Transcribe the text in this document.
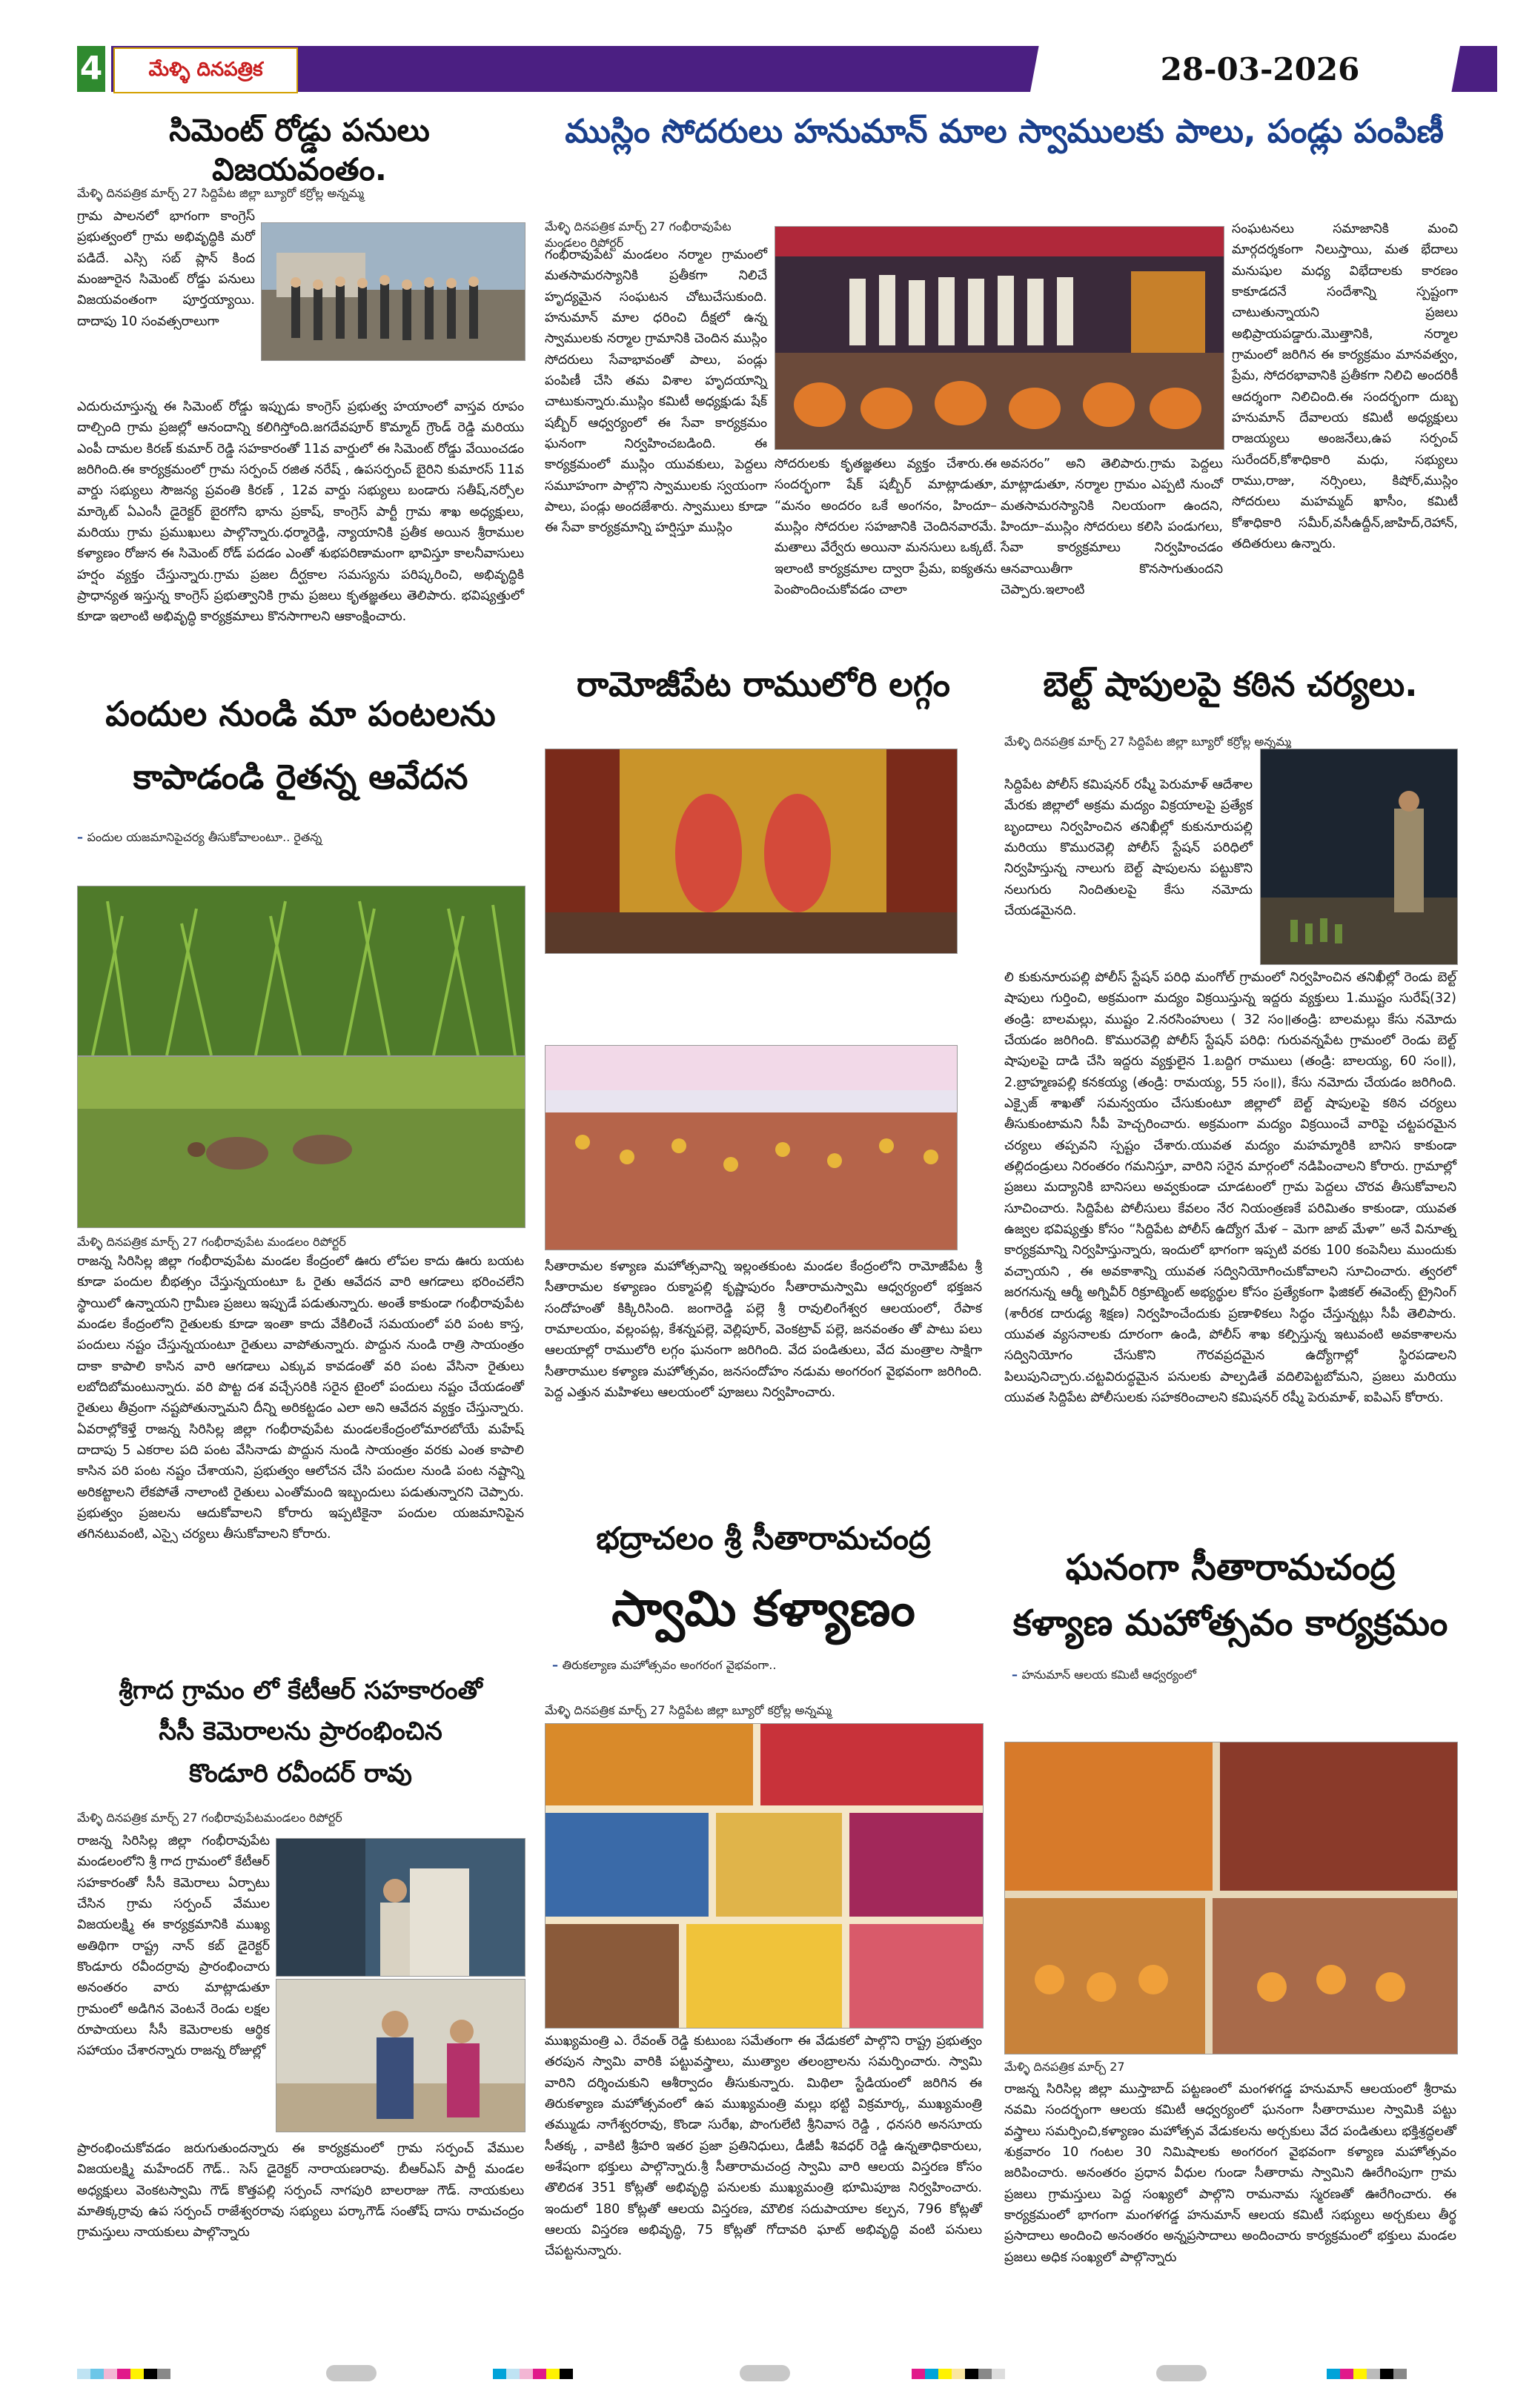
4	మేళ్ళి దినపత్రిక	28-03-2026
సిమెంట్ రోడ్డు పనులు విజయవంతం.

మేళ్ళి దినపత్రిక మార్చ్ 27 సిద్దిపేట జిల్లా బ్యూరో కర్రోల్ల అన్నమ్మ

గ్రామ పాలనలో భాగంగా కాంగ్రెస్ ప్రభుత్వంలో గ్రామ అభివృద్ధికి మరో పడిదే. ఎస్సి సబ్ ప్లాన్ కింద మంజూరైన సిమెంట్ రోడ్డు పనులు విజయవంతంగా పూర్తయ్యాయి. దాదాపు 10 సంవత్సరాలుగా

ఎదురుచూస్తున్న ఈ సిమెంట్ రోడ్డు ఇప్పుడు కాంగ్రెస్ ప్రభుత్వ హయాంలో వాస్తవ రూపం దాల్చింది గ్రామ ప్రజల్లో ఆనందాన్ని కలిగిస్తోంది.జగదేవపూర్ కొమ్మాద్ గ్రౌండ్ రెడ్డి మరియు ఎంపీ దామల కిరణ్ కుమార్ రెడ్డి సహకారంతో 11వ వార్డులో ఈ సిమెంట్ రోడ్డు వేయించడం జరిగింది.ఈ కార్యక్రమంలో గ్రామ సర్పంచ్ రజిత నరేష్ , ఉపసర్పంచ్ బైరిని కుమారస్ 11వ వార్డు సభ్యులు సౌజన్య ప్రవంతి కిరణ్ , 12వ వార్డు సభ్యులు బండారు సతీష్,నర్సోల మార్కెట్ ఏఎంసీ డైరెక్టర్ బైరగోని భాను ప్రకాష్, కాంగ్రెస్ పార్టీ గ్రామ శాఖ అధ్యక్షులు, మరియు గ్రామ ప్రముఖులు పాల్గొన్నారు.ధర్మారెడ్డి, న్యాయానికి ప్రతీక అయిన శ్రీరాముల కళ్యాణం రోజున ఈ సిమెంట్ రోడ్ పదడం ఎంతో శుభపరిణామంగా భావిస్తూ కాలనీవాసులు హర్షం వ్యక్తం చేస్తున్నారు.గ్రామ ప్రజల దీర్ఘకాల సమస్యను పరిష్కరించి, అభివృద్ధికి ప్రాధాన్యత ఇస్తున్న కాంగ్రెస్ ప్రభుత్వానికి గ్రామ ప్రజలు కృతజ్ఞతలు తెలిపారు. భవిష్యత్తులో కూడా ఇలాంటి అభివృద్ధి కార్యక్రమాలు కొనసాగాలని ఆకాంక్షించారు.

ముస్లిం సోదరులు హనుమాన్ మాల స్వాములకు పాలు, పండ్లు పంపిణీ

మేళ్ళి దినపత్రిక మార్చ్ 27 గంభీరావుపేట మండలం రిపోర్టర్

గంభీరావుపేట మండలం నర్మాల గ్రామంలో మతసామరస్యానికి ప్రతీకగా నిలిచే హృద్యమైన సంఘటన చోటుచేసుకుంది. హనుమాన్ మాల ధరించి దీక్షలో ఉన్న స్వాములకు నర్మాల గ్రామానికి చెందిన ముస్లిం సోదరులు సేవాభావంతో పాలు, పండ్లు పంపిణీ చేసి తమ విశాల హృదయాన్ని చాటుకున్నారు.ముస్లిం కమిటీ అధ్యక్షుడు షేక్ షబ్బీర్ ఆధ్వర్యంలో ఈ సేవా కార్యక్రమం ఘనంగా నిర్వహించబడింది. ఈ కార్యక్రమంలో ముస్లిం యువకులు, పెద్దలు సమూహంగా పాల్గొని స్వాములకు స్వయంగా పాలు, పండ్లు అందజేశారు. స్వాములు కూడా ఈ సేవా కార్యక్రమాన్ని హర్షిస్తూ ముస్లిం

సోదరులకు కృతజ్ఞతలు వ్యక్తం చేశారు.ఈ సందర్భంగా షేక్ షబ్బీర్ మాట్లాడుతూ, “మనం అందరం ఒకే అంగనం, హిందూ–ముస్లిం సోదరుల సహజానికి చెందినవారమే. మతాలు వేర్వేరు అయినా మనసులు ఒక్కటే. ఇలాంటి కార్యక్రమాల ద్వారా ప్రేమ, ఐక్యతను పెంపొందించుకోవడం చాలా

అవసరం” అని తెలిపారు.గ్రామ పెద్దలు మాట్లాడుతూ, నర్మాల గ్రామం ఎప్పటి నుంచో మతసామరస్యానికి నిలయంగా ఉందని, హిందూ–ముస్లిం సోదరులు కలిసి పండుగలు, సేవా కార్యక్రమాలు నిర్వహించడం ఆనవాయితీగా కొనసాగుతుందని చెప్పారు.ఇలాంటి

సంఘటనలు సమాజానికి మంచి మార్గదర్శకంగా నిలుస్తాయి, మత భేదాలు మనుషుల మధ్య విభేదాలకు కారణం కాకూడదనే సందేశాన్ని స్పష్టంగా చాటుతున్నాయని ప్రజలు అభిప్రాయపడ్డారు.మొత్తానికి, నర్మాల గ్రామంలో జరిగిన ఈ కార్యక్రమం మానవత్వం, ప్రేమ, సోదరభావానికి ప్రతీకగా నిలిచి అందరికీ ఆదర్శంగా నిలిచింది.ఈ సందర్భంగా దుబ్బ హనుమాన్ దేవాలయ కమిటీ అధ్యక్షులు రాజయ్యలు అంజనేలు,ఉప సర్పంచ్ సురేందర్,కోశాధికారి మధు, సభ్యులు రాము,రాజు, నర్సింలు, కిషోర్,ముస్లిం సోదరులు మహమ్మద్ ఖాసీం, కమిటీ కోశాధికారి సమీర్,వసీఉద్దీన్,జాహిద్,రెహాన్, తదితరులు ఉన్నారు.

పందుల నుండి మా పంటలను
కాపాడండి రైతన్న ఆవేదన

– పందుల యజమానిపైచర్య తీసుకోవాలంటూ.. రైతన్న

మేళ్ళి దినపత్రిక మార్చ్ 27 గంభీరావుపేట మండలం రిపోర్టర్

రాజన్న సిరిసిల్ల జిల్లా గంభీరావుపేట మండల కేంద్రంలో ఊరు లోపల కాదు ఊరు బయట కూడా పందుల బీభత్సం చేస్తున్నయంటూ ఓ రైతు ఆవేదన వారి ఆగడాలు భరించలేని స్థాయిలో ఉన్నాయని గ్రామీణ ప్రజలు ఇప్పుడే పడుతున్నారు. అంతే కాకుండా గంభీరావుపేట మండల కేంద్రంలోని రైతులకు కూడా ఇంతా కాదు వేకిలించే సమయంలో పరి పంట కాస్త, పందులు నష్టం చేస్తున్నయంటూ రైతులు వాపోతున్నారు. పొద్దున నుండి రాత్రి సాయంత్రం దాకా కాపాలి కాసిన వారి ఆగడాలు ఎక్కువ కావడంతో వరి పంట వేసినా రైతులు లబోదిబోమంటున్నారు. వరి పొట్ట దశ వచ్చేసరికి సరైన టైంలో పందులు నష్టం చేయడంతో రైతులు తీవ్రంగా నష్టపోతున్నామని దీన్ని అరికట్టడం ఎలా అని ఆవేదన వ్యక్తం చేస్తున్నారు. ఏవరాల్లోకెళ్తే రాజన్న సిరిసిల్ల జిల్లా గంభీరావుపేట మండలకేంద్రంలోమారబోయే మహేష్ దాదాపు 5 ఎకరాల పది పంట వేసినాడు పొద్దున నుండి సాయంత్రం వరకు ఎంత కాపాలి కాసిన పరి పంట నష్టం చేశాయని, ప్రభుత్వం ఆలోచన చేసి పందుల నుండి పంట నష్టాన్ని అరికట్టాలని లేకపోతే నాలాంటి రైతులు ఎంతోమంది ఇబ్బందులు పడుతున్నారని చెప్పారు. ప్రభుత్వం ప్రజలను ఆదుకోవాలని కోరారు ఇప్పటికైనా పందుల యజమానిపైన తగినటువంటి, ఎస్సై చర్యలు తీసుకోవాలని కోరారు.

శ్రీగాద గ్రామం లో కేటీఆర్ సహకారంతో
సీసీ కెమెరాలను ప్రారంభించిన
కొండూరి రవీందర్ రావు

మేళ్ళి దినపత్రిక మార్చ్ 27 గంభీరావుపేటమండలం రిపోర్టర్

రాజన్న సిరిసిల్ల జిల్లా గంభీరావుపేట మండలంలోని శ్రీ గాద గ్రామంలో కేటీఆర్ సహకారంతో సీసీ కెమెరాలు ఏర్పాటు చేసిన గ్రామ సర్పంచ్ వేముల విజయలక్ష్మి ఈ కార్యక్రమానికి ముఖ్య అతిథిగా రాష్ట్ర నాన్ కబ్ డైరెక్టర్ కొండూరు రవీందర్రావు ప్రారంభించారు అనంతరం వారు మాట్లాడుతూ గ్రామంలో అడిగిన వెంటనే రెండు లక్షల రూపాయలు సీసీ కెమెరాలకు ఆర్థిక సహాయం చేశారన్నారు రాజన్న రోజుల్లో

ప్రారంభించుకోవడం జరుగుతుందన్నారు ఈ కార్యక్రమంలో గ్రామ సర్పంచ్ వేముల విజయలక్ష్మి మహేందర్ గౌడ్.. సెస్ డైరెక్టర్ నారాయణరావు. బీఆర్ఎస్ పార్టీ మండల అధ్యక్షులు వెంకటస్వామి గౌడ్ కొత్తపల్లి సర్పంచ్ నాగపురి బాలరాజు గౌడ్. నాయకులు మాతిక్కర్రావు ఉప సర్పంచ్ రాజేశ్వరరావు సభ్యులు పర్కాగౌడ్ సంతోష్ దాసు రామచంద్రం గ్రామస్తులు నాయకులు పాల్గొన్నారు

రామోజీపేట రాములోరి లగ్గం

సీతారామల కళ్యాణ మహోత్సవాన్ని ఇల్లంతకుంట మండల కేంద్రంలోని రామోజీపేట శ్రీ సీతారామల కళ్యాణం రుక్మాపల్లి కృష్ణాపురం సీతారామస్వామి ఆధ్వర్యంలో భక్తజన సందోహంతో కిక్కిరిసింది. జంగారెడ్డి పల్లె శ్రీ రావులింగేశ్వర ఆలయంలో, రేపాక రామాలయం, వల్లంపట్ల, కేశన్నపల్లె, వెల్లిపూర్, వెంకట్రావ్ పల్లె, జనవంతం తో పాటు పలు ఆలయాల్లో రాములోరి లగ్గం ఘనంగా జరిగింది. వేద పండితులు, వేద మంత్రాల సాక్షిగా సీతారాముల కళ్యాణ మహోత్సవం, జనసందోహం నడుమ అంగరంగ వైభవంగా జరిగింది. పెద్ద ఎత్తున మహిళలు ఆలయంలో పూజలు నిర్వహించారు.

భద్రాచలం శ్రీ సీతారామచంద్ర
స్వామి కళ్యాణం

– తిరుకల్యాణ మహోత్సవం అంగరంగ వైభవంగా..

మేళ్ళి దినపత్రిక మార్చ్ 27 సిద్దిపేట జిల్లా బ్యూరో కర్రోల్ల అన్నమ్మ

ముఖ్యమంత్రి ఎ. రేవంత్ రెడ్డి కుటుంబ సమేతంగా ఈ వేడుకలో పాల్గొని రాష్ట్ర ప్రభుత్వం తరపున స్వామి వారికి పట్టువస్త్రాలు, ముత్యాల తలంబ్రాలను సమర్పించారు. స్వామి వారిని దర్శించుకుని ఆశీర్వాదం తీసుకున్నారు. మిథిలా స్టేడియంలో జరిగిన ఈ తిరుకళ్యాణ మహోత్సవంలో ఉప ముఖ్యమంత్రి మల్లు భట్టి విక్రమార్క, ముఖ్యమంత్రి తమ్ముడు నాగేశ్వరరావు, కొండా సురేఖ, పొంగులేటి శ్రీనివాస రెడ్డి , ధనసరి అనసూయ సీతక్క , వాకిటి శ్రీహరి ఇతర ప్రజా ప్రతినిధులు, డీజీపీ శివధర్ రెడ్డి ఉన్నతాధికారులు, అశేషంగా భక్తులు పాల్గొన్నారు.శ్రీ సీతారామచంద్ర స్వామి వారి ఆలయ విస్తరణ కోసం తొలిదశ 351 కోట్లతో అభివృద్ధి పనులకు ముఖ్యమంత్రి భూమిపూజ నిర్వహించారు. ఇందులో 180 కోట్లతో ఆలయ విస్తరణ, మౌలిక సదుపాయాల కల్పన, 796 కోట్లతో ఆలయ విస్తరణ అభివృద్ధి, 75 కోట్లతో గోదావరి ఘాట్ అభివృద్ధి వంటి పనులు చేపట్టనున్నారు.

బెల్ట్ షాపులపై కఠిన చర్యలు.

మేళ్ళి దినపత్రిక మార్చ్ 27 సిద్దిపేట జిల్లా బ్యూరో కర్రోల్ల అన్నమ్మ

సిద్దిపేట పోలీస్ కమిషనర్ రష్మీ పెరుమాళ్ ఆదేశాల మేరకు జిల్లాలో అక్రమ మద్యం విక్రయాలపై ప్రత్యేక బృందాలు నిర్వహించిన తనిఖీల్లో కుకునూరుపల్లి మరియు కొమురవెల్లి పోలీస్ స్టేషన్ పరిధిలో నిర్వహిస్తున్న నాలుగు బెల్ట్ షాపులను పట్టుకొని నలుగురు నిందితులపై కేసు నమోదు చేయడమైనది.

లి కుకునూరుపల్లి పోలీస్ స్టేషన్ పరిధి మంగోల్ గ్రామంలో నిర్వహించిన తనిఖీల్లో రెండు బెల్ట్ షాపులు గుర్తించి, అక్రమంగా మద్యం విక్రయిస్తున్న ఇద్దరు వ్యక్తులు 1.ముష్టం సురేష్(32) తండ్రి: బాలమల్లు, ముష్టం 2.నరసింహులు ( 32 సం॥తండ్రి: బాలమల్లు కేసు నమోదు చేయడం జరిగింది. కొమురవెల్లి పోలీస్ స్టేషన్ పరిధి: గురువన్నపేట గ్రామంలో రెండు బెల్ట్ షాపులపై దాడి చేసి ఇద్దరు వ్యక్తులైన 1.బద్దిగ రాములు (తండ్రి: బాలయ్య, 60 సం॥), 2.బ్రాహ్మణపల్లి కనకయ్య (తండ్రి: రామయ్య, 55 సం॥), కేసు నమోదు చేయడం జరిగింది. ఎక్సైజ్ శాఖతో సమన్వయం చేసుకుంటూ జిల్లాలో బెల్ట్ షాపులపై కఠిన చర్యలు తీసుకుంటామని సీపీ హెచ్చరించారు. అక్రమంగా మద్యం విక్రయించే వారిపై చట్టపరమైన చర్యలు తప్పవని స్పష్టం చేశారు.యువత మద్యం మహమ్మారికి బానిస కాకుండా తల్లిదండ్రులు నిరంతరం గమనిస్తూ, వారిని సరైన మార్గంలో నడిపించాలని కోరారు. గ్రామాల్లో ప్రజలు మద్యానికి బానిసలు అవ్వకుండా చూడటంలో గ్రామ పెద్దలు చొరవ తీసుకోవాలని సూచించారు. సిద్దిపేట పోలీసులు కేవలం నేర నియంత్రణకే పరిమితం కాకుండా, యువత ఉజ్వల భవిష్యత్తు కోసం “సిద్దిపేట పోలీస్ ఉద్యోగ మేళ – మెగా జాబ్ మేళా” అనే వినూత్న కార్యక్రమాన్ని నిర్వహిస్తున్నారు, ఇందులో భాగంగా ఇప్పటి వరకు 100 కంపెనీలు ముందుకు వచ్చాయని , ఈ అవకాశాన్ని యువత సద్వినియోగించుకోవాలని సూచించారు. త్వరలో జరగనున్న ఆర్మీ అగ్నివీర్ రిక్రూట్మెంట్ అభ్యర్థుల కోసం ప్రత్యేకంగా ఫిజికల్ ఈవెంట్స్ ట్రైనింగ్ (శారీరక దారుఢ్య శిక్షణ) నిర్వహించేందుకు ప్రణాళికలు సిద్ధం చేస్తున్నట్లు సీపీ తెలిపారు. యువత వ్యసనాలకు దూరంగా ఉండి, పోలీస్ శాఖ కల్పిస్తున్న ఇటువంటి అవకాశాలను సద్వినియోగం చేసుకొని గౌరవప్రదమైన ఉద్యోగాల్లో స్థిరపడాలని పిలుపునిచ్చారు.చట్టవిరుద్ధమైన పనులకు పాల్పడితే వదిలిపెట్టబోమని, ప్రజలు మరియు యువత సిద్దిపేట పోలీసులకు సహకరించాలని కమిషనర్ రష్మీ పెరుమాళ్, ఐపిఎస్ కోరారు.

ఘనంగా సీతారామచంద్ర
కళ్యాణ మహోత్సవం కార్యక్రమం

– హనుమాన్ ఆలయ కమిటీ ఆధ్వర్యంలో

మేళ్ళి దినపత్రిక మార్చ్ 27

రాజన్న సిరిసిల్ల జిల్లా ముస్తాబాద్ పట్టణంలో మంగళగడ్డ హనుమాన్ ఆలయంలో శ్రీరామ నవమి సందర్భంగా ఆలయ కమిటీ ఆధ్వర్యంలో ఘనంగా సీతారాముల స్వామికి పట్టు వస్త్రాలు సమర్పించి,కళ్యాణం మహోత్సవ వేడుకలను అర్చకులు వేద పండితులు భక్తిశ్రద్ధలతో శుక్రవారం 10 గంటల 30 నిమిషాలకు అంగరంగ వైభవంగా కళ్యాణ మహోత్సవం జరిపించారు. అనంతరం ప్రధాన వీధుల గుండా సీతారామ స్వామిని ఊరేగింపుగా గ్రామ ప్రజలు గ్రామస్తులు పెద్ద సంఖ్యలో పాల్గొని రామనామ స్మరణతో ఊరేగించారు. ఈ కార్యక్రమంలో భాగంగా మంగళగడ్డ హనుమాన్ ఆలయ కమిటీ సభ్యులు అర్చకులు తీర్థ ప్రసాదాలు అందించి అనంతరం అన్నప్రసాదాలు అందించారు కార్యక్రమంలో భక్తులు మండల ప్రజలు అధిక సంఖ్యలో పాల్గొన్నారు
